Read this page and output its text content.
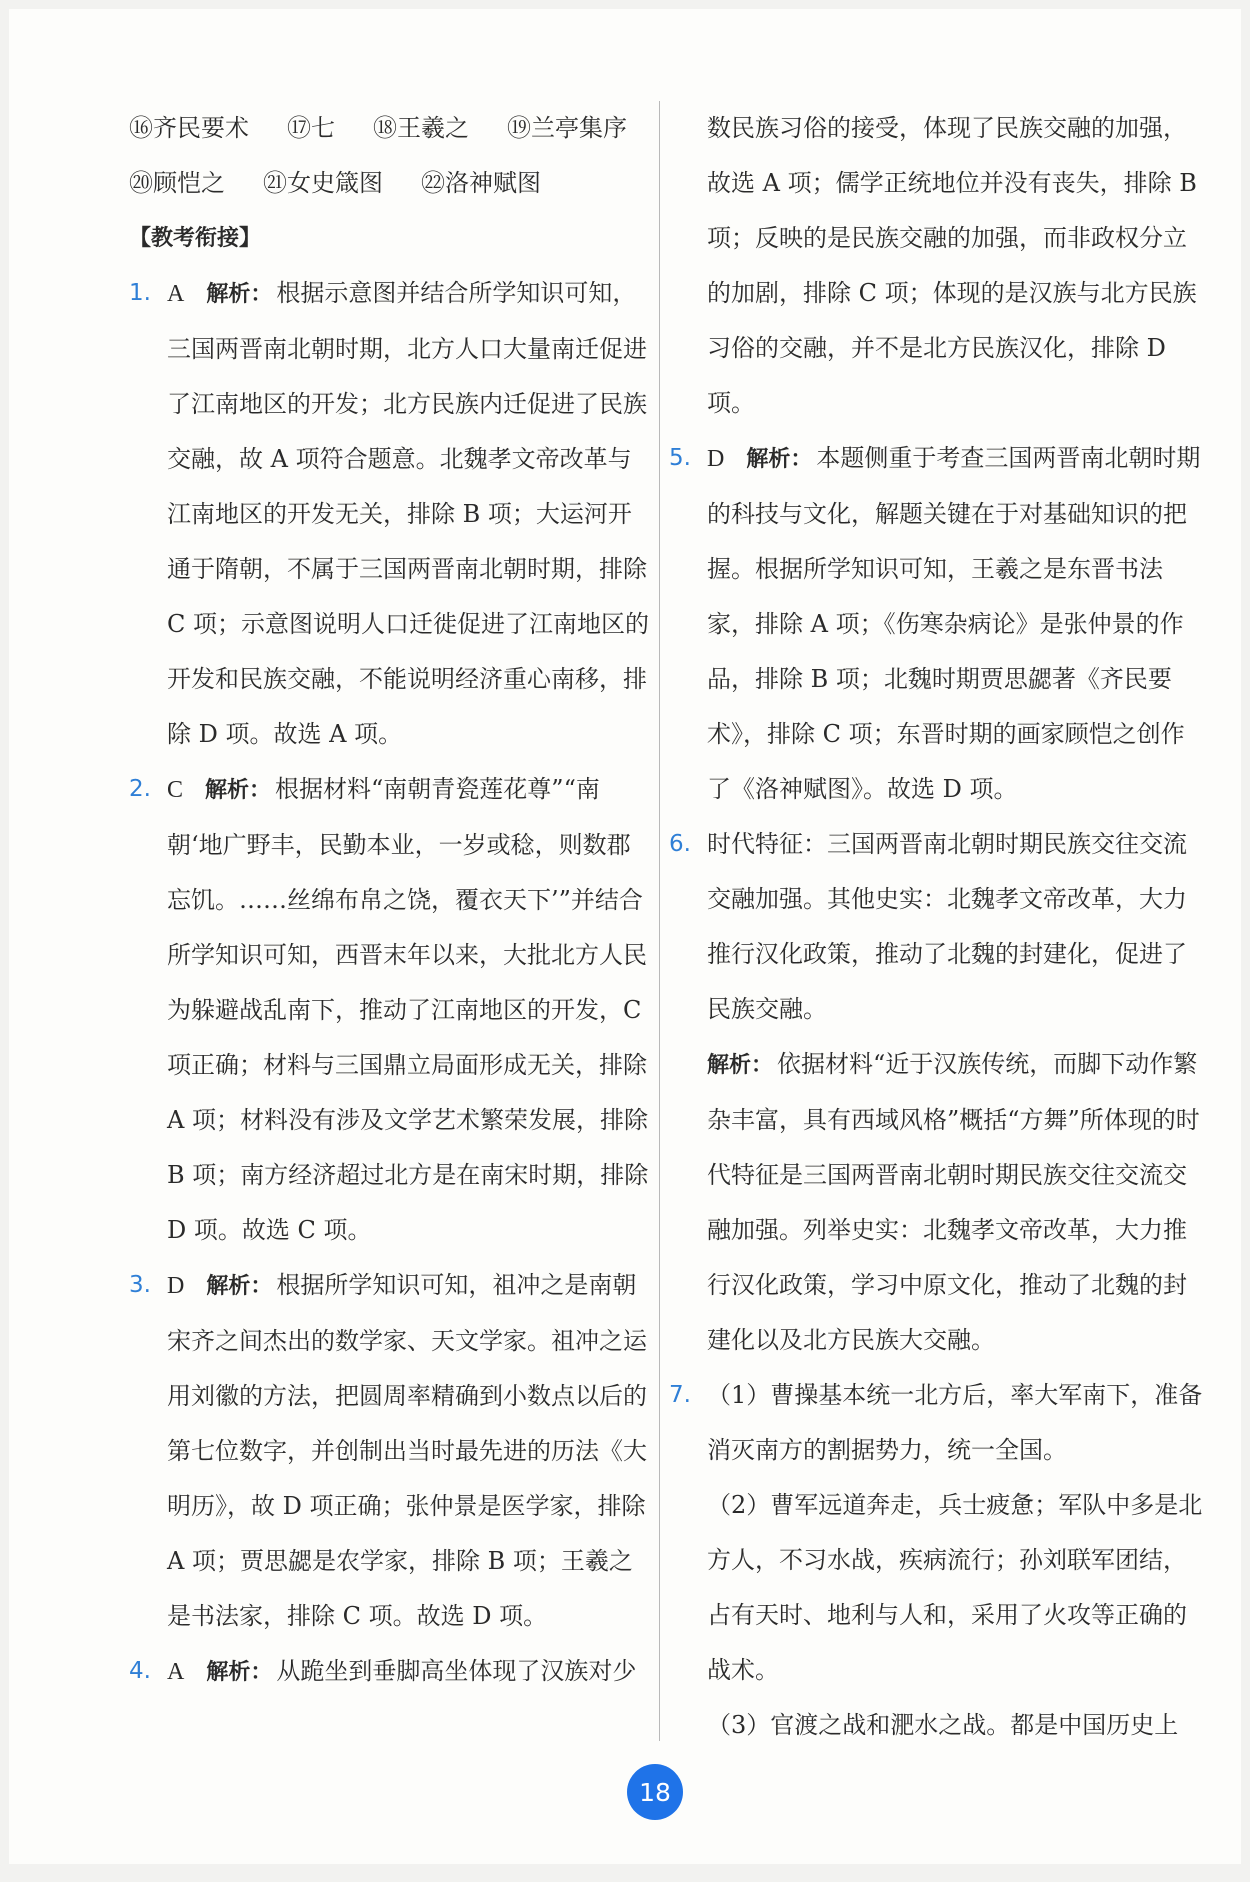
⑯齐民要术 ⑰七 ⑱王羲之 ⑲兰亭集序

⑳顾恺之 ㉑女史箴图 ㉒洛神赋图

【教考衔接】

1. A 解析： 根据示意图并结合所学知识可知，三国两晋南北朝时期，北方人口大量南迁促进了江南地区的开发；北方民族内迁促进了民族交融，故 A 项符合题意。北魏孝文帝改革与江南地区的开发无关，排除 B 项；大运河开通于隋朝，不属于三国两晋南北朝时期，排除 C 项；示意图说明人口迁徙促进了江南地区的开发和民族交融，不能说明经济重心南移，排除 D 项。故选 A 项。
2. C 解析： 根据材料“南朝青瓷莲花尊”“南朝‘地广野丰，民勤本业，一岁或稔，则数郡忘饥。……丝绵布帛之饶，覆衣天下’”并结合所学知识可知，西晋末年以来，大批北方人民为躲避战乱南下，推动了江南地区的开发，C 项正确；材料与三国鼎立局面形成无关，排除 A 项；材料没有涉及文学艺术繁荣发展，排除 B 项；南方经济超过北方是在南宋时期，排除 D 项。故选 C 项。
3. D 解析： 根据所学知识可知，祖冲之是南朝宋齐之间杰出的数学家、天文学家。祖冲之运用刘徽的方法，把圆周率精确到小数点以后的第七位数字，并创制出当时最先进的历法《大明历》，故 D 项正确；张仲景是医学家，排除 A 项；贾思勰是农学家，排除 B 项；王羲之是书法家，排除 C 项。故选 D 项。
4. A 解析： 从跪坐到垂脚高坐体现了汉族对少

数民族习俗的接受，体现了民族交融的加强，故选 A 项；儒学正统地位并没有丧失，排除 B 项；反映的是民族交融的加强，而非政权分立的加剧，排除 C 项；体现的是汉族与北方民族习俗的交融，并不是北方民族汉化，排除 D 项。

5. D 解析： 本题侧重于考查三国两晋南北朝时期的科技与文化，解题关键在于对基础知识的把握。根据所学知识可知，王羲之是东晋书法家，排除 A 项；《伤寒杂病论》是张仲景的作品，排除 B 项；北魏时期贾思勰著《齐民要术》，排除 C 项；东晋时期的画家顾恺之创作了《洛神赋图》。故选 D 项。
6. 时代特征：三国两晋南北朝时期民族交往交流交融加强。其他史实：北魏孝文帝改革，大力推行汉化政策，推动了北魏的封建化，促进了民族交融。

解析： 依据材料“近于汉族传统，而脚下动作繁杂丰富，具有西域风格”概括“方舞”所体现的时代特征是三国两晋南北朝时期民族交往交流交融加强。列举史实：北魏孝文帝改革，大力推行汉化政策，学习中原文化，推动了北魏的封建化以及北方民族大交融。

7. （1）曹操基本统一北方后，率大军南下，准备消灭南方的割据势力，统一全国。

（2）曹军远道奔走，兵士疲惫；军队中多是北方人，不习水战，疾病流行；孙刘联军团结，占有天时、地利与人和，采用了火攻等正确的战术。

（3）官渡之战和淝水之战。都是中国历史上

18
